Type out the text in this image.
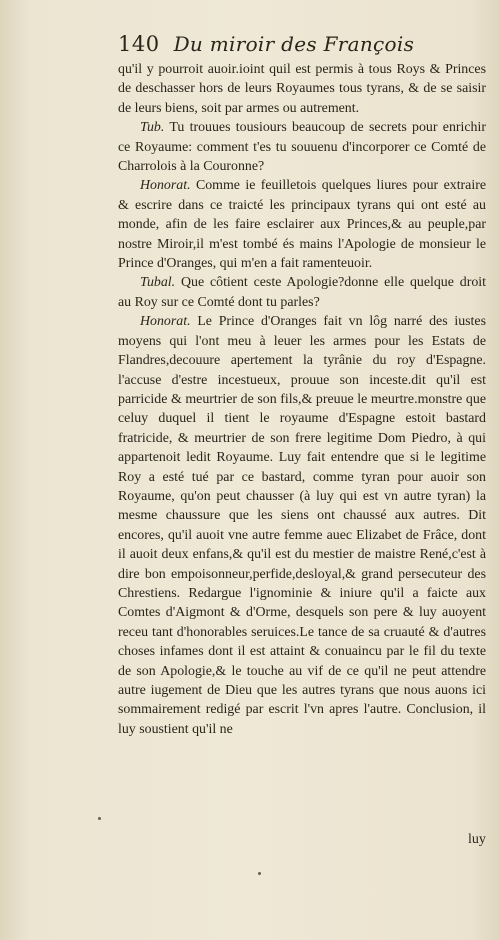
140 Du miroir des François

qu'il y pourroit auoir.ioint quil est permis à tous Roys & Princes de deschasser hors de leurs Royaumes tous tyrans, & de se saisir de leurs biens, soit par armes ou autrement.

Tub. Tu trouues tousiours beaucoup de secrets pour enrichir ce Royaume: comment t'es tu souuenu d'incorporer ce Comté de Charrolois à la Couronne?

Honorat. Comme ie feuilletois quelques liures pour extraire & escrire dans ce traicté les principaux tyrans qui ont esté au monde, afin de les faire esclairer aux Princes,& au peuple,par nostre Miroir,il m'est tombé és mains l'Apologie de monsieur le Prince d'Oranges, qui m'en a fait ramenteuoir.

Tubal. Que côtient ceste Apologie?donne elle quelque droit au Roy sur ce Comté dont tu parles?

Honorat. Le Prince d'Oranges fait vn lôg narré des iustes moyens qui l'ont meu à leuer les armes pour les Estats de Flandres,decouure apertement la tyrânie du roy d'Espagne. l'accuse d'estre incestueux, prouue son inceste.dit qu'il est parricide & meurtrier de son fils,& preuue le meurtre.monstre que celuy duquel il tient le royaume d'Espagne estoit bastard fratricide, & meurtrier de son frere legitime Dom Piedro, à qui appartenoit ledit Royaume. Luy fait entendre que si le legitime Roy a esté tué par ce bastard, comme tyran pour auoir son Royaume, qu'on peut chausser (à luy qui est vn autre tyran) la mesme chaussure que les siens ont chaussé aux autres. Dit encores, qu'il auoit vne autre femme auec Elizabet de Frâce, dont il auoit deux enfans,& qu'il est du mestier de maistre René,c'est à dire bon empoisonneur,perfide,desloyal,& grand persecuteur des Chrestiens. Redargue l'ignominie & iniure qu'il a faicte aux Comtes d'Aigmont & d'Orme, desquels son pere & luy auoyent receu tant d'honorables seruices.Le tance de sa cruauté & d'autres choses infames dont il est attaint & conuaincu par le fil du texte de son Apologie,& le touche au vif de ce qu'il ne peut attendre autre iugement de Dieu que les autres tyrans que nous auons ici sommairement redigé par escrit l'vn apres l'autre. Conclusion, il luy soustient qu'il ne

luy
